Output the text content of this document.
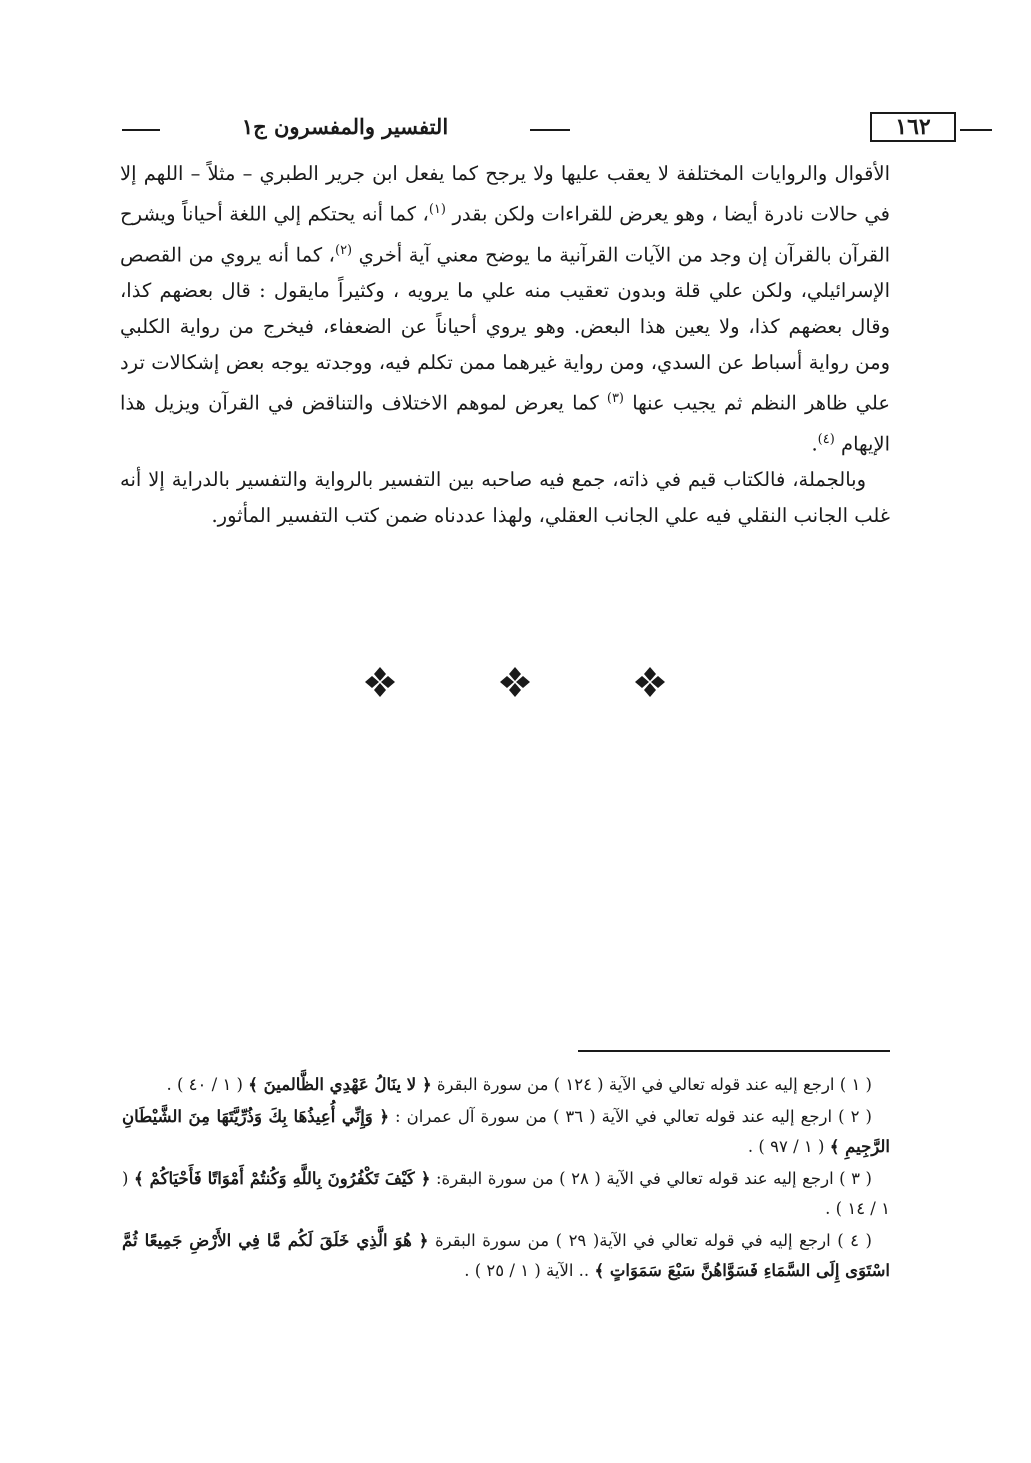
التفسير والمفسرون ج١	١٦٢

الأقوال والروايات المختلفة لا يعقب عليها ولا يرجح كما يفعل ابن جرير الطبري – مثلاً – اللهم إلا في حالات نادرة أيضا ، وهو يعرض للقراءات ولكن بقدر $^{(١)}$، كما أنه يحتكم إلي اللغة أحياناً ويشرح القرآن بالقرآن إن وجد من الآيات القرآنية ما يوضح معني آية أخري $^{(٢)}$، كما أنه يروي من القصص الإسرائيلي، ولكن علي قلة وبدون تعقيب منه علي ما يرويه ، وكثيراً مايقول : قال بعضهم كذا، وقال بعضهم كذا، ولا يعين هذا البعض. وهو يروي أحياناً عن الضعفاء، فيخرج من رواية الكلبي ومن رواية أسباط عن السدي، ومن رواية غيرهما ممن تكلم فيه، ووجدته يوجه بعض إشكالات ترد علي ظاهر النظم ثم يجيب عنها $^{(٣)}$ كما يعرض لموهم الاختلاف والتناقض في القرآن ويزيل هذا الإيهام $^{(٤)}$.

وبالجملة، فالكتاب قيم في ذاته، جمع فيه صاحبه بين التفسير بالرواية والتفسير بالدراية إلا أنه غلب الجانب النقلي فيه علي الجانب العقلي، ولهذا عددناه ضمن كتب التفسير المأثور.

( ١ ) ارجع إليه عند قوله تعالي في الآية ( ١٢٤ ) من سورة البقرة ﴿ لا ينَالُ عَهْدِي الظَّالمينَ ﴾ ( ١ / ٤٠ ) .

( ٢ ) ارجع إليه عند قوله تعالي في الآية ( ٣٦ ) من سورة آل عمران : ﴿ وَإِنِّي أُعِيذُهَا بِكَ وَذُرِّيَّتَهَا مِنَ الشَّيْطَانِ الرَّجِيمِ ﴾ ( ١ / ٩٧ ) .

( ٣ ) ارجع إليه عند قوله تعالي في الآية ( ٢٨ ) من سورة البقرة: ﴿ كَيْفَ تَكْفُرُونَ بِاللَّهِ وَكُنتُمْ أَمْوَاتًا فَأَحْيَاكُمْ ﴾ ( ١ / ١٤ ) .

( ٤ ) ارجع إليه في قوله تعالي في الآية( ٢٩ ) من سورة البقرة ﴿ هُوَ الَّذِي خَلَقَ لَكُم مَّا فِي الأَرْضِ جَمِيعًا ثُمَّ اسْتَوَى إِلَى السَّمَاءِ فَسَوَّاهُنَّ سَبْعَ سَمَوَاتٍ ﴾ .. الآية ( ١ / ٢٥ ) .
